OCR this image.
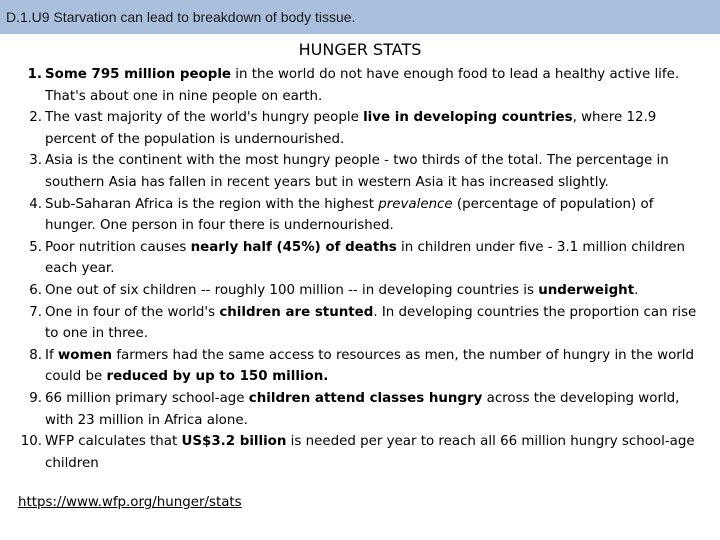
D.1.U9 Starvation can lead to breakdown of body tissue.
HUNGER STATS
1. Some 795 million people in the world do not have enough food to lead a healthy active life. That's about one in nine people on earth.
2. The vast majority of the world's hungry people live in developing countries, where 12.9 percent of the population is undernourished.
3. Asia is the continent with the most hungry people - two thirds of the total. The percentage in southern Asia has fallen in recent years but in western Asia it has increased slightly.
4. Sub-Saharan Africa is the region with the highest prevalence (percentage of population) of hunger. One person in four there is undernourished.
5. Poor nutrition causes nearly half (45%) of deaths in children under five - 3.1 million children each year.
6. One out of six children -- roughly 100 million -- in developing countries is underweight.
7. One in four of the world's children are stunted. In developing countries the proportion can rise to one in three.
8. If women farmers had the same access to resources as men, the number of hungry in the world could be reduced by up to 150 million.
9. 66 million primary school-age children attend classes hungry across the developing world, with 23 million in Africa alone.
10. WFP calculates that US$3.2 billion is needed per year to reach all 66 million hungry school-age children
https://www.wfp.org/hunger/stats
